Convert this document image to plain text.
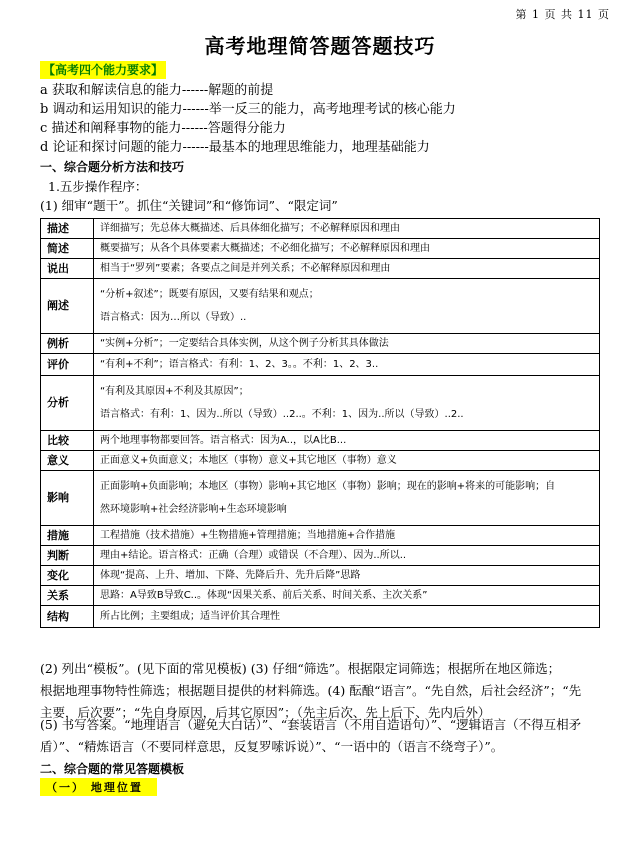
第 1 页 共 11 页
高考地理简答题答题技巧
【高考四个能力要求】
a 获取和解读信息的能力------解题的前提
b 调动和运用知识的能力------举一反三的能力，高考地理考试的核心能力
c 描述和阐释事物的能力------答题得分能力
d 论证和探讨问题的能力------最基本的地理思维能力，地理基础能力
一、综合题分析方法和技巧
1.五步操作程序：
(1) 细审“题干”。抓住“关键词”和“修饰词”、“限定词”
描述	详细描写；先总体大概描述、后具体细化描写；不必解释原因和理由

简述	概要描写；从各个具体要素大概描述；不必细化描写；不必解释原因和理由

说出	相当于“罗列”要素；各要点之间是并列关系；不必解释原因和理由

阐述	“分析+叙述”；既要有原因，又要有结果和观点；
语言格式：因为…所以（导致）..

例析	“实例+分析”；一定要结合具体实例，从这个例子分析其具体做法

评价	“有利+不利”；语言格式：有利：1、2、3。。不利：1、2、3..

分析	“有利及其原因+不利及其原因”；
语言格式：有利：1、因为..所以（导致）..2..。不利：1、因为..所以（导致）..2..

比较	两个地理事物都要回答。语言格式：因为A..，以A比B...

意义	正面意义+负面意义；本地区（事物）意义+其它地区（事物）意义

影响	正面影响+负面影响；本地区（事物）影响+其它地区（事物）影响；现在的影响+将来的可能影响；自
然环境影响+社会经济影响+生态环境影响

措施	工程措施（技术措施）+生物措施+管理措施；当地措施+合作措施

判断	理由+结论。语言格式：正确（合理）或错误（不合理）、因为..所以..

变化	体现“提高、上升、增加、下降、先降后升、先升后降”思路

关系	思路：A导致B导致C..。体现“因果关系、前后关系、时间关系、主次关系”

结构	所占比例；主要组成；适当评价其合理性
(2) 列出“模板”。(见下面的常见模板) (3) 仔细“筛选”。根据限定词筛选；根据所在地区筛选；
根据地理事物特性筛选；根据题目提供的材料筛选。(4) 酝酿“语言”。“先自然，后社会经济”；“先
主要，后次要”；“先自身原因，后其它原因”；（先主后次、先上后下、先内后外）
(5) 书写答案。“地理语言（避免大白话）”、“套装语言（不用自造语句）”、“逻辑语言（不得互相矛
盾）”、“精炼语言（不要同样意思，反复罗嗦诉说）”、“一语中的（语言不绕弯子）”。
二、综合题的常见答题模板
（一） 地理位置
